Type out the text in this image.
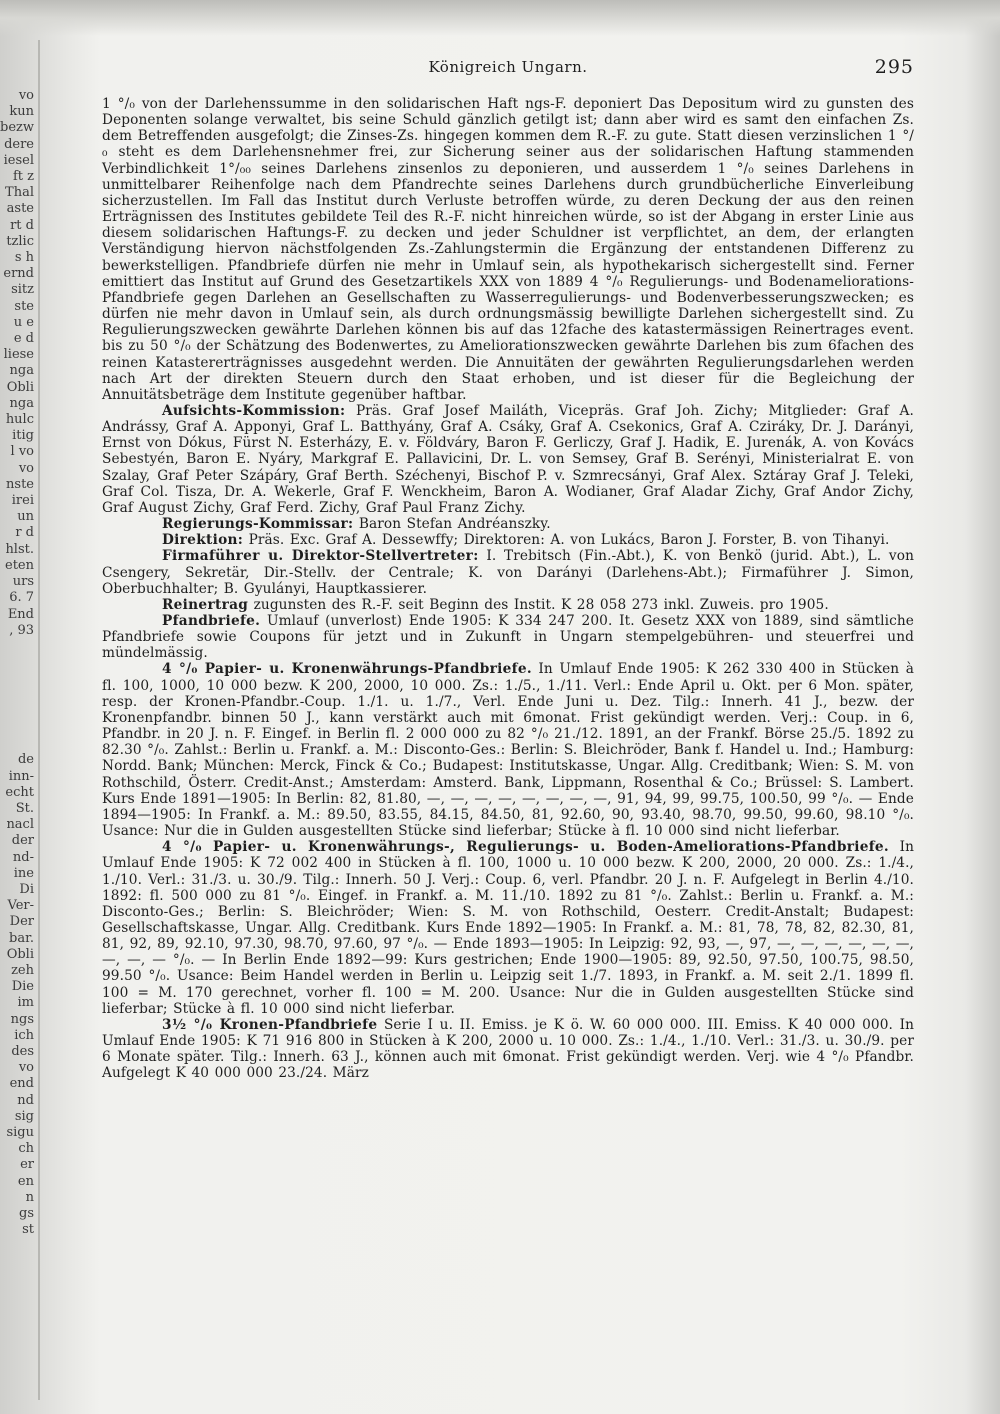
vo
kun
bezw
dere
iesel
ft z
Thal
aste
rt d
tzlic
s h
ernd
sitz
ste
u e
e d
liese
nga
Obli
nga
hulc
itig
l vo
vo
nste
irei
un
r d
hlst.
eten
urs
6. 7
End
, 93

de
inn-
echt
St.
nacl
der
nd-
ine
Di
Ver-
Der
bar.
Obli
zeh
Die
im
ngs
ich
des
vo
end
nd
sig
sigu
ch
er
en
n
gs
st
Königreich Ungarn.	295

1 °/₀ von der Darlehenssumme in den solidarischen Haft ngs-F. deponiert Das Depositum wird zu gunsten des Deponenten solange verwaltet, bis seine Schuld gänzlich getilgt ist; dann aber wird es samt den einfachen Zs. dem Betreffenden ausgefolgt; die Zinses-Zs. hingegen kommen dem R.-F. zu gute. Statt diesen verzinslichen 1 °/₀ steht es dem Darlehensnehmer frei, zur Sicherung seiner aus der solidarischen Haftung stammenden Verbindlichkeit 1°/₀₀ seines Darlehens zinsenlos zu deponieren, und ausserdem 1 °/₀ seines Darlehens in unmittelbarer Reihenfolge nach dem Pfandrechte seines Darlehens durch grundbücherliche Einverleibung sicherzustellen. Im Fall das Institut durch Verluste betroffen würde, zu deren Deckung der aus den reinen Erträgnissen des Institutes gebildete Teil des R.-F. nicht hinreichen würde, so ist der Abgang in erster Linie aus diesem solidarischen Haftungs-F. zu decken und jeder Schuldner ist verpflichtet, an dem, der erlangten Verständigung hiervon nächstfolgenden Zs.-Zahlungstermin die Ergänzung der entstandenen Differenz zu bewerkstelligen. Pfandbriefe dürfen nie mehr in Umlauf sein, als hypothekarisch sichergestellt sind. Ferner emittiert das Institut auf Grund des Gesetzartikels XXX von 1889 4 °/₀ Regulierungs- und Bodenameliorations-Pfandbriefe gegen Darlehen an Gesellschaften zu Wasserregulierungs- und Bodenverbesserungszwecken; es dürfen nie mehr davon in Umlauf sein, als durch ordnungsmässig bewilligte Darlehen sichergestellt sind. Zu Regulierungszwecken gewährte Darlehen können bis auf das 12fache des katastermässigen Reinertrages event. bis zu 50 °/₀ der Schätzung des Bodenwertes, zu Ameliorationszwecken gewährte Darlehen bis zum 6fachen des reinen Katastererträgnisses ausgedehnt werden. Die Annuitäten der gewährten Regulierungsdarlehen werden nach Art der direkten Steuern durch den Staat erhoben, und ist dieser für die Begleichung der Annuitätsbeträge dem Institute gegenüber haftbar.

Aufsichts-Kommission: Präs. Graf Josef Mailáth, Vicepräs. Graf Joh. Zichy; Mitglieder: Graf A. Andrássy, Graf A. Apponyi, Graf L. Batthyány, Graf A. Csáky, Graf A. Csekonics, Graf A. Cziráky, Dr. J. Darányi, Ernst von Dókus, Fürst N. Esterházy, E. v. Földváry, Baron F. Gerliczy, Graf J. Hadik, E. Jurenák, A. von Kovács Sebestyén, Baron E. Nyáry, Markgraf E. Pallavicini, Dr. L. von Semsey, Graf B. Serényi, Ministerialrat E. von Szalay, Graf Peter Szápáry, Graf Berth. Széchenyi, Bischof P. v. Szmrecsányi, Graf Alex. Sztáray Graf J. Teleki, Graf Col. Tisza, Dr. A. Wekerle, Graf F. Wenckheim, Baron A. Wodianer, Graf Aladar Zichy, Graf Andor Zichy, Graf August Zichy, Graf Ferd. Zichy, Graf Paul Franz Zichy.

Regierungs-Kommissar: Baron Stefan Andréanszky.

Direktion: Präs. Exc. Graf A. Dessewffy; Direktoren: A. von Lukács, Baron J. Forster, B. von Tihanyi.

Firmaführer u. Direktor-Stellvertreter: I. Trebitsch (Fin.-Abt.), K. von Benkö (jurid. Abt.), L. von Csengery, Sekretär, Dir.-Stellv. der Centrale; K. von Darányi (Darlehens-Abt.); Firmaführer J. Simon, Oberbuchhalter; B. Gyulányi, Hauptkassierer.

Reinertrag zugunsten des R.-F. seit Beginn des Instit. K 28 058 273 inkl. Zuweis. pro 1905.

Pfandbriefe. Umlauf (unverlost) Ende 1905: K 334 247 200. It. Gesetz XXX von 1889, sind sämtliche Pfandbriefe sowie Coupons für jetzt und in Zukunft in Ungarn stempelgebühren- und steuerfrei und mündelmässig.

4 °/₀ Papier- u. Kronenwährungs-Pfandbriefe. In Umlauf Ende 1905: K 262 330 400 in Stücken à fl. 100, 1000, 10 000 bezw. K 200, 2000, 10 000. Zs.: 1./5., 1./11. Verl.: Ende April u. Okt. per 6 Mon. später, resp. der Kronen-Pfandbr.-Coup. 1./1. u. 1./7., Verl. Ende Juni u. Dez. Tilg.: Innerh. 41 J., bezw. der Kronenpfandbr. binnen 50 J., kann verstärkt auch mit 6monat. Frist gekündigt werden. Verj.: Coup. in 6, Pfandbr. in 20 J. n. F. Eingef. in Berlin fl. 2 000 000 zu 82 °/₀ 21./12. 1891, an der Frankf. Börse 25./5. 1892 zu 82.30 °/₀. Zahlst.: Berlin u. Frankf. a. M.: Disconto-Ges.: Berlin: S. Bleichröder, Bank f. Handel u. Ind.; Hamburg: Nordd. Bank; München: Merck, Finck & Co.; Budapest: Institutskasse, Ungar. Allg. Creditbank; Wien: S. M. von Rothschild, Österr. Credit-Anst.; Amsterdam: Amsterd. Bank, Lippmann, Rosenthal & Co.; Brüssel: S. Lambert. Kurs Ende 1891—1905: In Berlin: 82, 81.80, —, —, —, —, —, —, —, —, 91, 94, 99, 99.75, 100.50, 99 °/₀. — Ende 1894—1905: In Frankf. a. M.: 89.50, 83.55, 84.15, 84.50, 81, 92.60, 90, 93.40, 98.70, 99.50, 99.60, 98.10 °/₀. Usance: Nur die in Gulden ausgestellten Stücke sind lieferbar; Stücke à fl. 10 000 sind nicht lieferbar.

4 °/₀ Papier- u. Kronenwährungs-, Regulierungs- u. Boden-Ameliorations-Pfandbriefe. In Umlauf Ende 1905: K 72 002 400 in Stücken à fl. 100, 1000 u. 10 000 bezw. K 200, 2000, 20 000. Zs.: 1./4., 1./10. Verl.: 31./3. u. 30./9. Tilg.: Innerh. 50 J. Verj.: Coup. 6, verl. Pfandbr. 20 J. n. F. Aufgelegt in Berlin 4./10. 1892: fl. 500 000 zu 81 °/₀. Eingef. in Frankf. a. M. 11./10. 1892 zu 81 °/₀. Zahlst.: Berlin u. Frankf. a. M.: Disconto-Ges.; Berlin: S. Bleichröder; Wien: S. M. von Rothschild, Oesterr. Credit-Anstalt; Budapest: Gesellschaftskasse, Ungar. Allg. Creditbank. Kurs Ende 1892—1905: In Frankf. a. M.: 81, 78, 78, 82, 82.30, 81, 81, 92, 89, 92.10, 97.30, 98.70, 97.60, 97 °/₀. — Ende 1893—1905: In Leipzig: 92, 93, —, 97, —, —, —, —, —, —, —, —, — °/₀. — In Berlin Ende 1892—99: Kurs gestrichen; Ende 1900—1905: 89, 92.50, 97.50, 100.75, 98.50, 99.50 °/₀. Usance: Beim Handel werden in Berlin u. Leipzig seit 1./7. 1893, in Frankf. a. M. seit 2./1. 1899 fl. 100 = M. 170 gerechnet, vorher fl. 100 = M. 200. Usance: Nur die in Gulden ausgestellten Stücke sind lieferbar; Stücke à fl. 10 000 sind nicht lieferbar.

3½ °/₀ Kronen-Pfandbriefe Serie I u. II. Emiss. je K ö. W. 60 000 000. III. Emiss. K 40 000 000. In Umlauf Ende 1905: K 71 916 800 in Stücken à K 200, 2000 u. 10 000. Zs.: 1./4., 1./10. Verl.: 31./3. u. 30./9. per 6 Monate später. Tilg.: Innerh. 63 J., können auch mit 6monat. Frist gekündigt werden. Verj. wie 4 °/₀ Pfandbr. Aufgelegt K 40 000 000 23./24. März
